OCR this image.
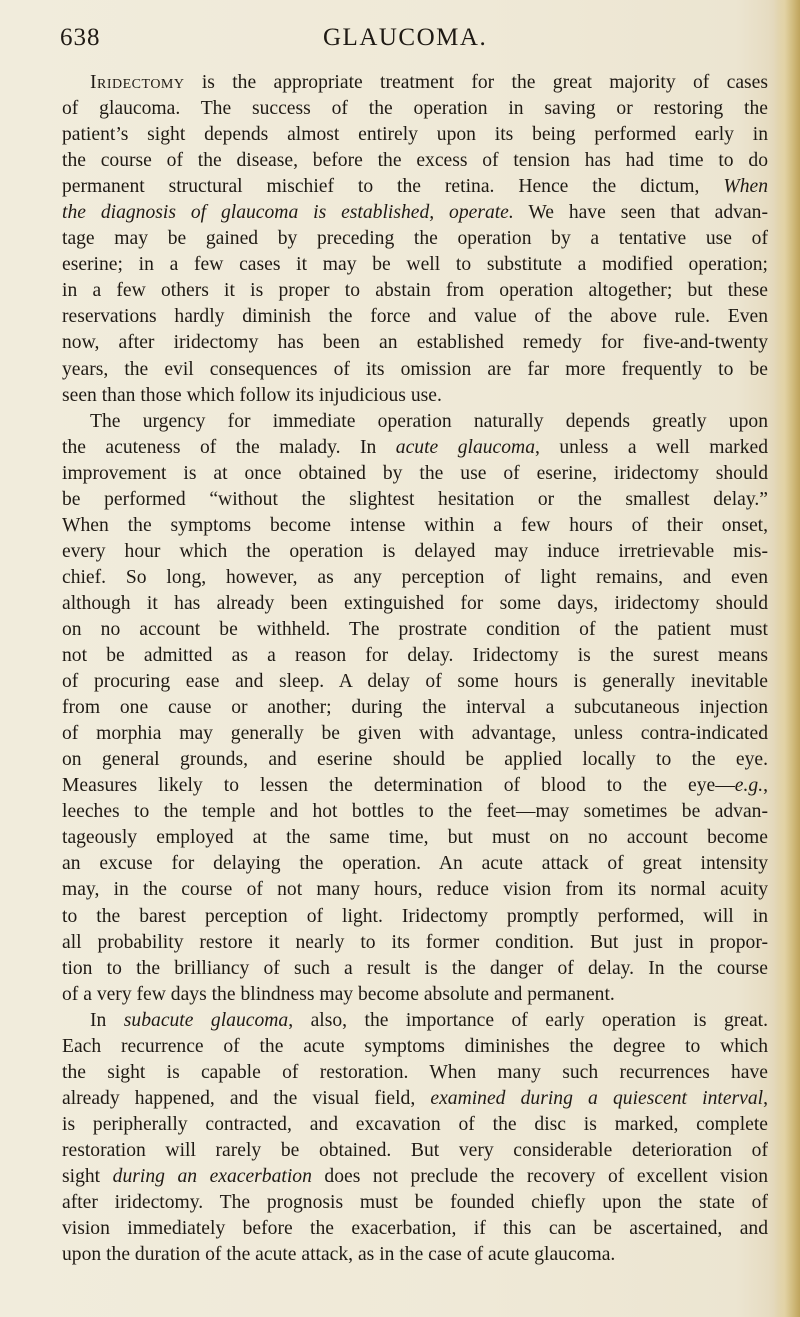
638	GLAUCOMA.
Iridectomy is the appropriate treatment for the great majority of cases
of glaucoma. The success of the operation in saving or restoring the
patient’s sight depends almost entirely upon its being performed early in
the course of the disease, before the excess of tension has had time to do
permanent structural mischief to the retina. Hence the dictum, When
the diagnosis of glaucoma is established, operate. We have seen that advan-
tage may be gained by preceding the operation by a tentative use of
eserine; in a few cases it may be well to substitute a modified operation;
in a few others it is proper to abstain from operation altogether; but these
reservations hardly diminish the force and value of the above rule. Even
now, after iridectomy has been an established remedy for five-and-twenty
years, the evil consequences of its omission are far more frequently to be
seen than those which follow its injudicious use.
The urgency for immediate operation naturally depends greatly upon
the acuteness of the malady. In acute glaucoma, unless a well marked
improvement is at once obtained by the use of eserine, iridectomy should
be performed “without the slightest hesitation or the smallest delay.”
When the symptoms become intense within a few hours of their onset,
every hour which the operation is delayed may induce irretrievable mis-
chief. So long, however, as any perception of light remains, and even
although it has already been extinguished for some days, iridectomy should
on no account be withheld. The prostrate condition of the patient must
not be admitted as a reason for delay. Iridectomy is the surest means
of procuring ease and sleep. A delay of some hours is generally inevitable
from one cause or another; during the interval a subcutaneous injection
of morphia may generally be given with advantage, unless contra-indicated
on general grounds, and eserine should be applied locally to the eye.
Measures likely to lessen the determination of blood to the eye—e.g.,
leeches to the temple and hot bottles to the feet—may sometimes be advan-
tageously employed at the same time, but must on no account become
an excuse for delaying the operation. An acute attack of great intensity
may, in the course of not many hours, reduce vision from its normal acuity
to the barest perception of light. Iridectomy promptly performed, will in
all probability restore it nearly to its former condition. But just in propor-
tion to the brilliancy of such a result is the danger of delay. In the course
of a very few days the blindness may become absolute and permanent.
In subacute glaucoma, also, the importance of early operation is great.
Each recurrence of the acute symptoms diminishes the degree to which
the sight is capable of restoration. When many such recurrences have
already happened, and the visual field, examined during a quiescent interval,
is peripherally contracted, and excavation of the disc is marked, complete
restoration will rarely be obtained. But very considerable deterioration of
sight during an exacerbation does not preclude the recovery of excellent vision
after iridectomy. The prognosis must be founded chiefly upon the state of
vision immediately before the exacerbation, if this can be ascertained, and
upon the duration of the acute attack, as in the case of acute glaucoma.
